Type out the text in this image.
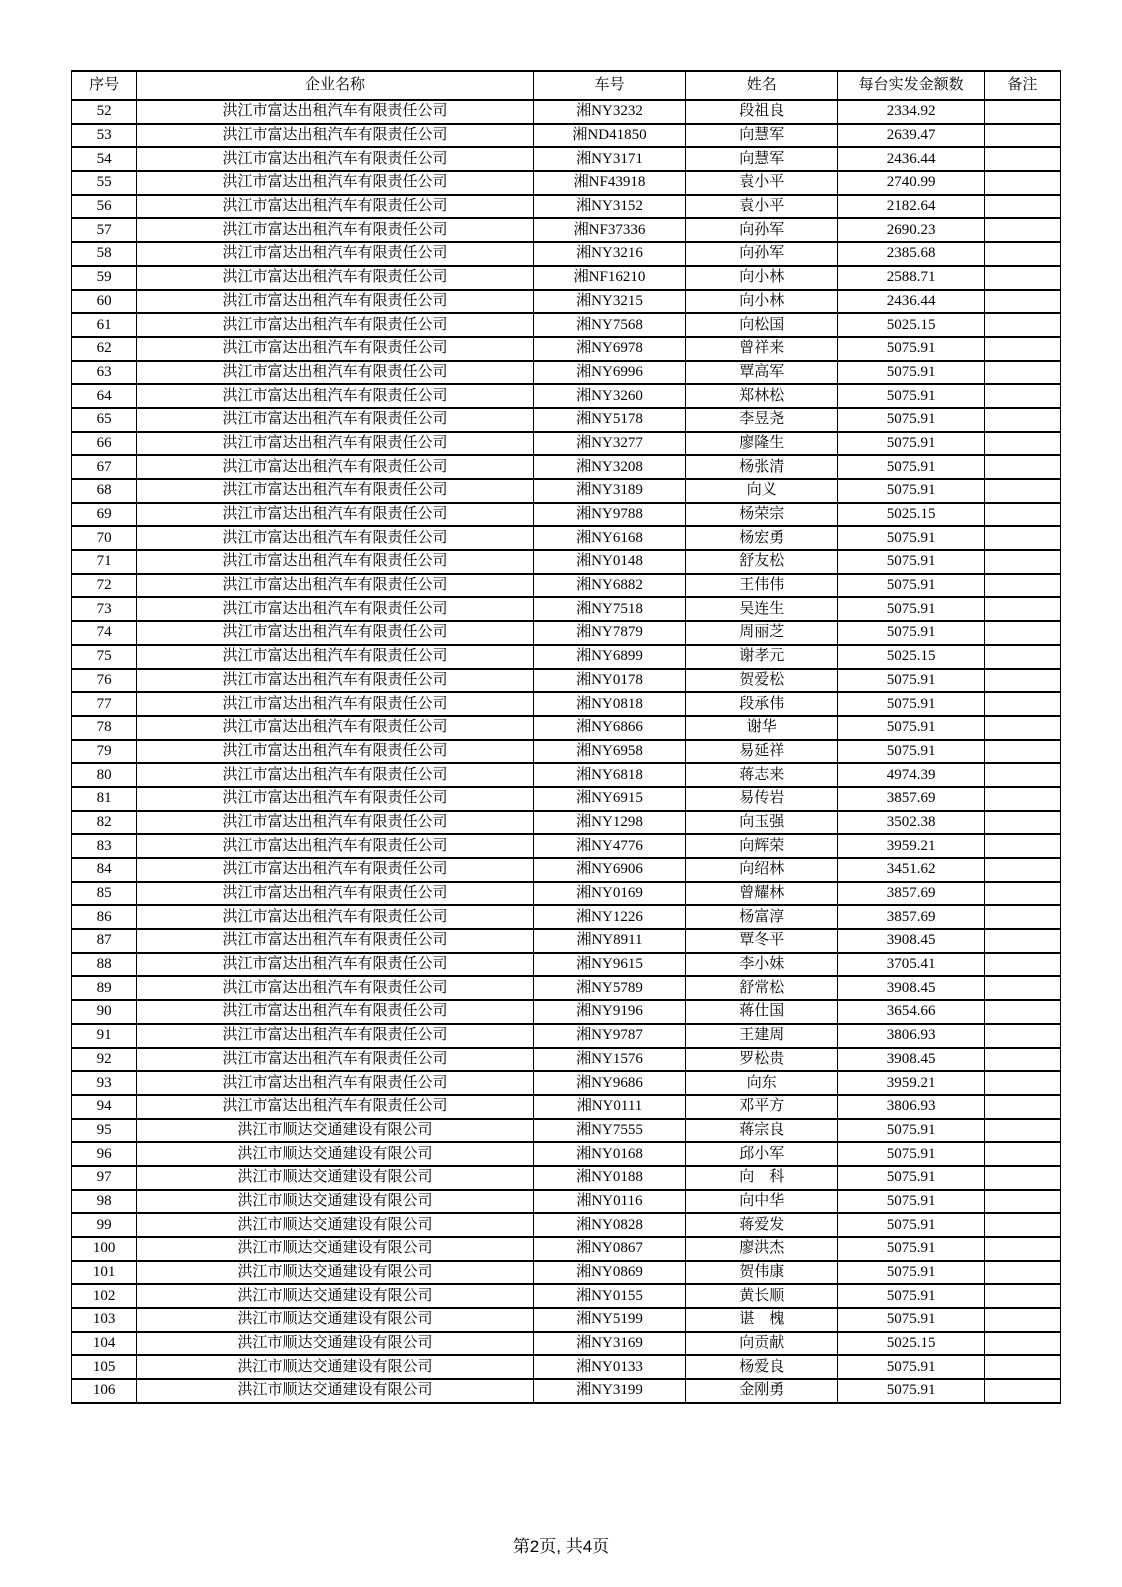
序号	企业名称	车号	姓名	每台实发金额数	备注
52	洪江市富达出租汽车有限责任公司	湘NY3232	段祖良	2334.92	
53	洪江市富达出租汽车有限责任公司	湘ND41850	向慧军	2639.47	
54	洪江市富达出租汽车有限责任公司	湘NY3171	向慧军	2436.44	
55	洪江市富达出租汽车有限责任公司	湘NF43918	袁小平	2740.99	
56	洪江市富达出租汽车有限责任公司	湘NY3152	袁小平	2182.64	
57	洪江市富达出租汽车有限责任公司	湘NF37336	向孙军	2690.23	
58	洪江市富达出租汽车有限责任公司	湘NY3216	向孙军	2385.68	
59	洪江市富达出租汽车有限责任公司	湘NF16210	向小林	2588.71	
60	洪江市富达出租汽车有限责任公司	湘NY3215	向小林	2436.44	
61	洪江市富达出租汽车有限责任公司	湘NY7568	向松国	5025.15	
62	洪江市富达出租汽车有限责任公司	湘NY6978	曾祥来	5075.91	
63	洪江市富达出租汽车有限责任公司	湘NY6996	覃高军	5075.91	
64	洪江市富达出租汽车有限责任公司	湘NY3260	郑林松	5075.91	
65	洪江市富达出租汽车有限责任公司	湘NY5178	李昱尧	5075.91	
66	洪江市富达出租汽车有限责任公司	湘NY3277	廖隆生	5075.91	
67	洪江市富达出租汽车有限责任公司	湘NY3208	杨张清	5075.91	
68	洪江市富达出租汽车有限责任公司	湘NY3189	向义	5075.91	
69	洪江市富达出租汽车有限责任公司	湘NY9788	杨荣宗	5025.15	
70	洪江市富达出租汽车有限责任公司	湘NY6168	杨宏勇	5075.91	
71	洪江市富达出租汽车有限责任公司	湘NY0148	舒友松	5075.91	
72	洪江市富达出租汽车有限责任公司	湘NY6882	王伟伟	5075.91	
73	洪江市富达出租汽车有限责任公司	湘NY7518	吴连生	5075.91	
74	洪江市富达出租汽车有限责任公司	湘NY7879	周丽芝	5075.91	
75	洪江市富达出租汽车有限责任公司	湘NY6899	谢孝元	5025.15	
76	洪江市富达出租汽车有限责任公司	湘NY0178	贺爱松	5075.91	
77	洪江市富达出租汽车有限责任公司	湘NY0818	段承伟	5075.91	
78	洪江市富达出租汽车有限责任公司	湘NY6866	谢华	5075.91	
79	洪江市富达出租汽车有限责任公司	湘NY6958	易延祥	5075.91	
80	洪江市富达出租汽车有限责任公司	湘NY6818	蒋志来	4974.39	
81	洪江市富达出租汽车有限责任公司	湘NY6915	易传岩	3857.69	
82	洪江市富达出租汽车有限责任公司	湘NY1298	向玉强	3502.38	
83	洪江市富达出租汽车有限责任公司	湘NY4776	向辉荣	3959.21	
84	洪江市富达出租汽车有限责任公司	湘NY6906	向绍林	3451.62	
85	洪江市富达出租汽车有限责任公司	湘NY0169	曾耀林	3857.69	
86	洪江市富达出租汽车有限责任公司	湘NY1226	杨富淳	3857.69	
87	洪江市富达出租汽车有限责任公司	湘NY8911	覃冬平	3908.45	
88	洪江市富达出租汽车有限责任公司	湘NY9615	李小妹	3705.41	
89	洪江市富达出租汽车有限责任公司	湘NY5789	舒常松	3908.45	
90	洪江市富达出租汽车有限责任公司	湘NY9196	蒋仕国	3654.66	
91	洪江市富达出租汽车有限责任公司	湘NY9787	王建周	3806.93	
92	洪江市富达出租汽车有限责任公司	湘NY1576	罗松贵	3908.45	
93	洪江市富达出租汽车有限责任公司	湘NY9686	向东	3959.21	
94	洪江市富达出租汽车有限责任公司	湘NY0111	邓平方	3806.93	
95	洪江市顺达交通建设有限公司	湘NY7555	蒋宗良	5075.91	
96	洪江市顺达交通建设有限公司	湘NY0168	邱小军	5075.91	
97	洪江市顺达交通建设有限公司	湘NY0188	向　科	5075.91	
98	洪江市顺达交通建设有限公司	湘NY0116	向中华	5075.91	
99	洪江市顺达交通建设有限公司	湘NY0828	蒋爱发	5075.91	
100	洪江市顺达交通建设有限公司	湘NY0867	廖洪杰	5075.91	
101	洪江市顺达交通建设有限公司	湘NY0869	贺伟康	5075.91	
102	洪江市顺达交通建设有限公司	湘NY0155	黄长顺	5075.91	
103	洪江市顺达交通建设有限公司	湘NY5199	谌　槐	5075.91	
104	洪江市顺达交通建设有限公司	湘NY3169	向贡献	5025.15	
105	洪江市顺达交通建设有限公司	湘NY0133	杨爱良	5075.91	
106	洪江市顺达交通建设有限公司	湘NY3199	金刚勇	5075.91	
第2页, 共4页
